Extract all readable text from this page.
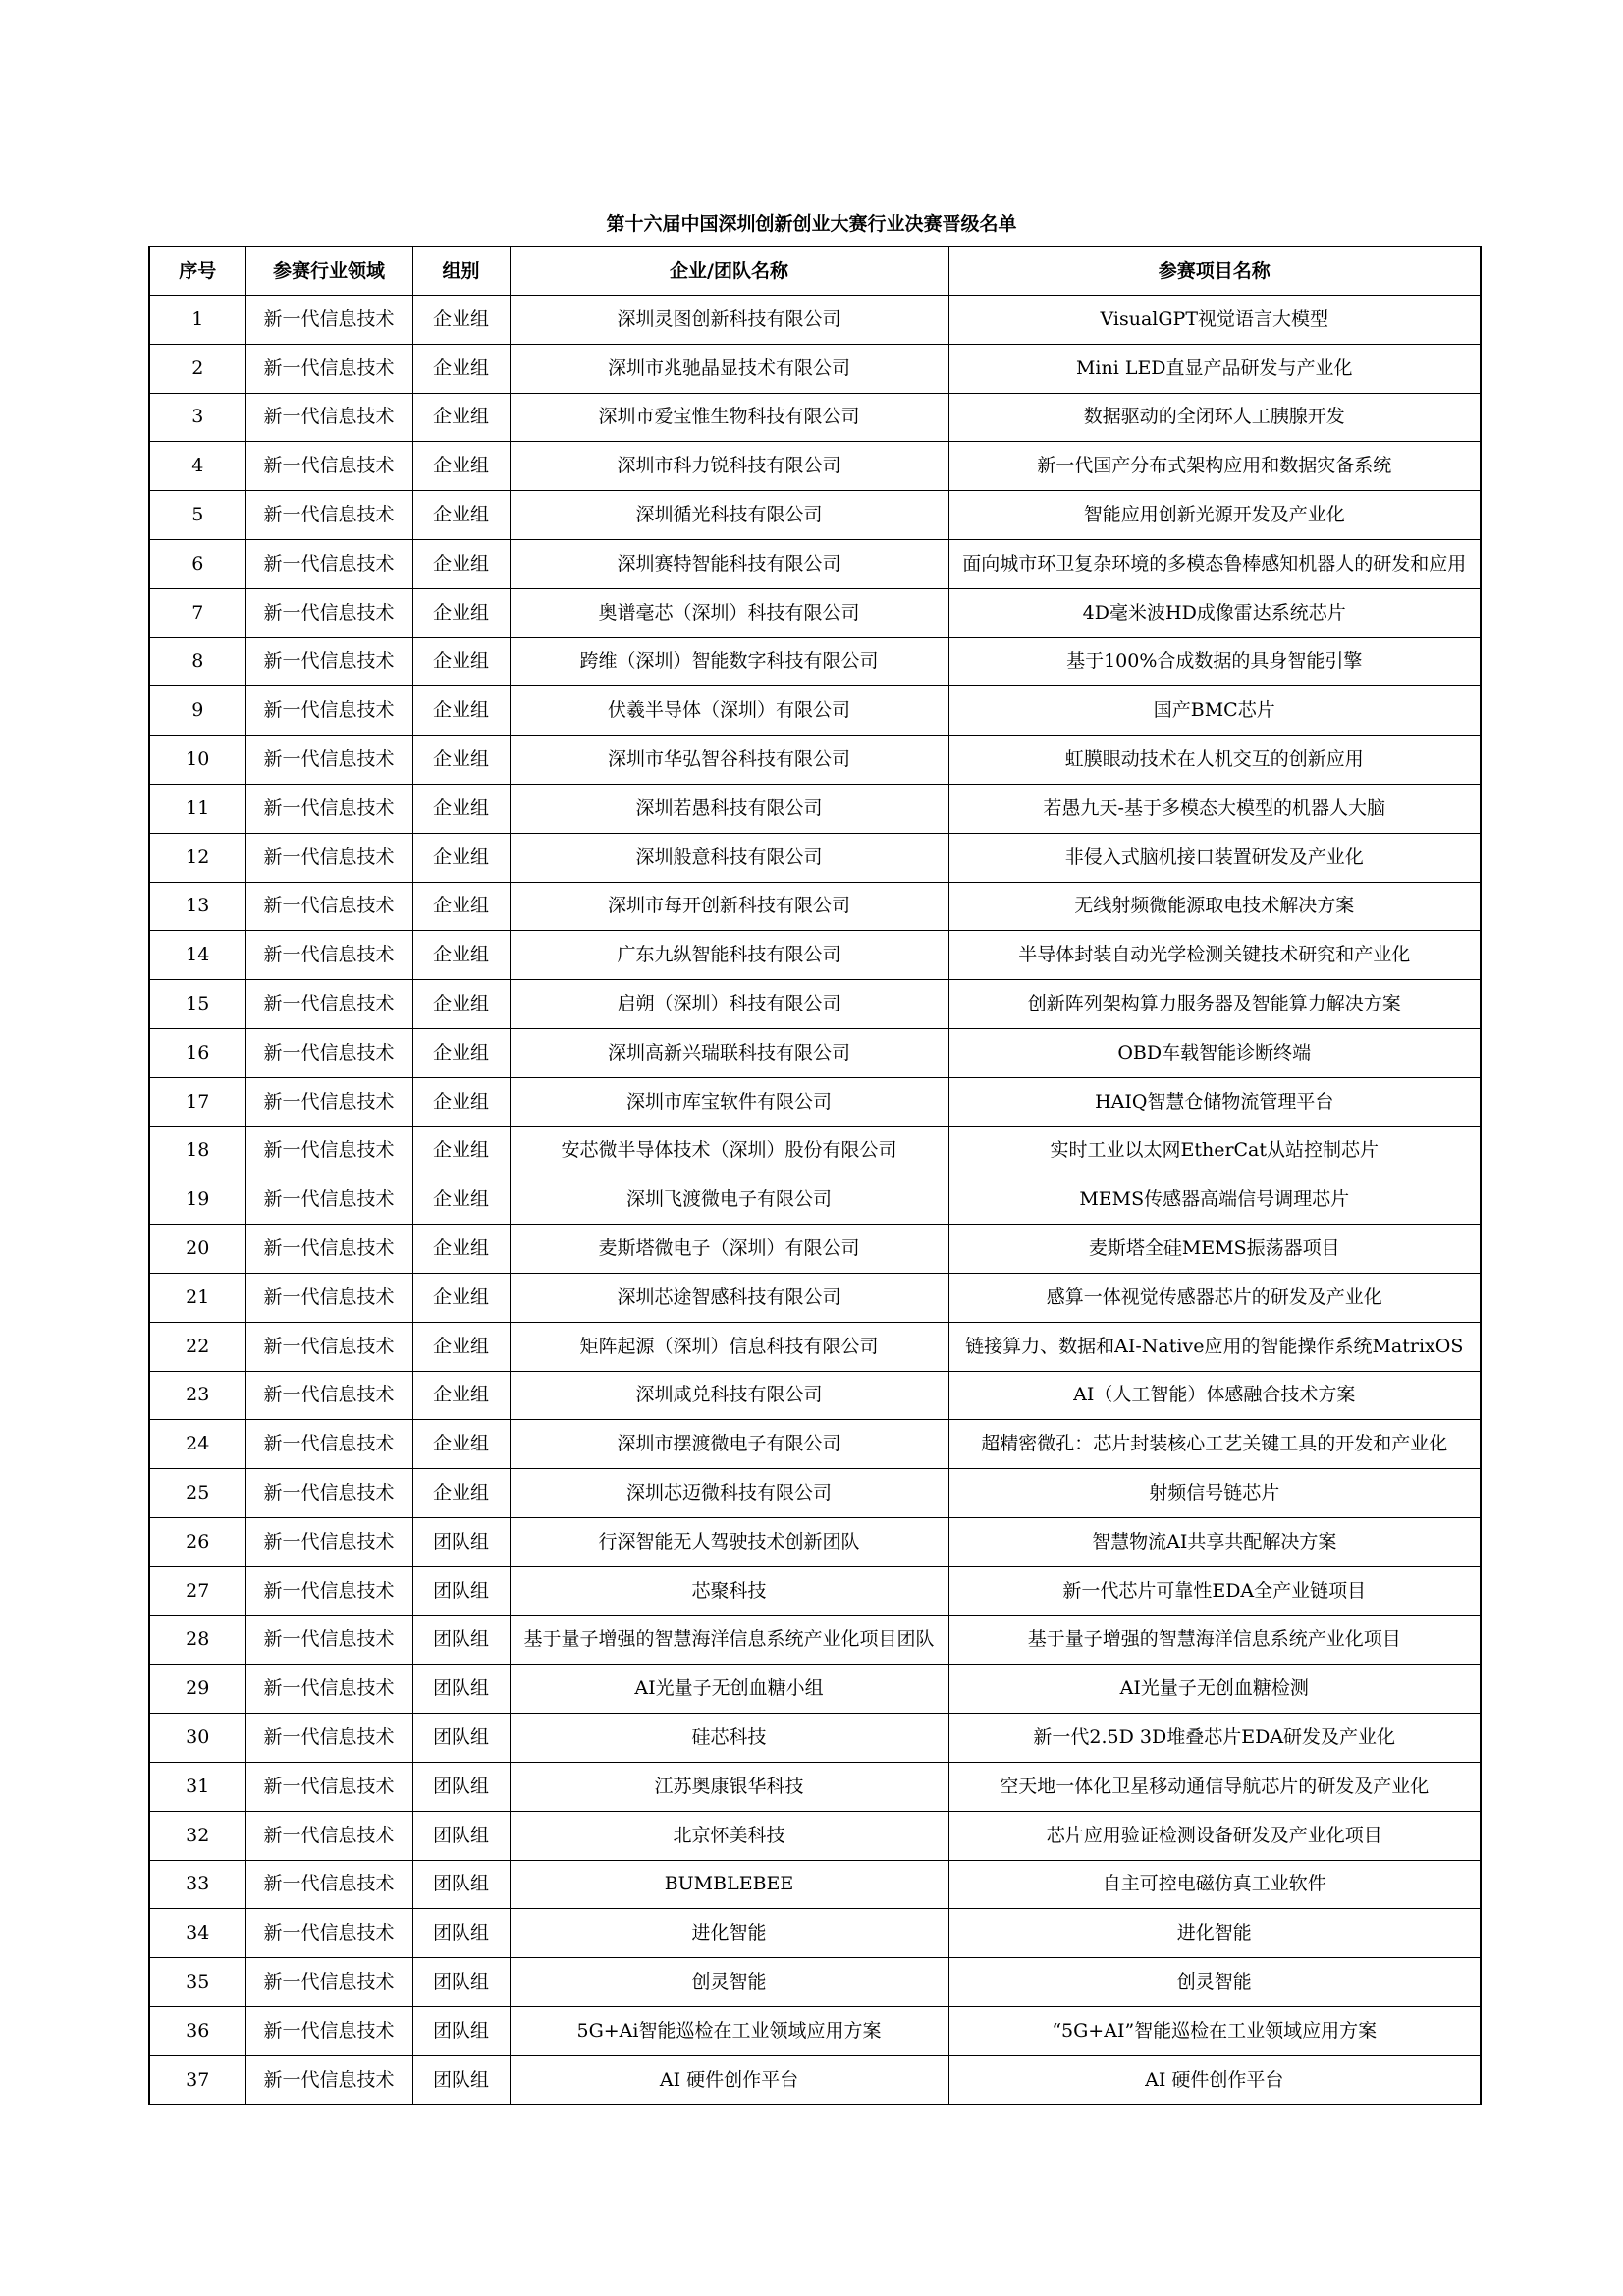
第十六届中国深圳创新创业大赛行业决赛晋级名单
序号	参赛行业领域	组别	企业/团队名称	参赛项目名称
1	新一代信息技术	企业组	深圳灵图创新科技有限公司	VisualGPT视觉语言大模型
2	新一代信息技术	企业组	深圳市兆驰晶显技术有限公司	Mini LED直显产品研发与产业化
3	新一代信息技术	企业组	深圳市爱宝惟生物科技有限公司	数据驱动的全闭环人工胰腺开发
4	新一代信息技术	企业组	深圳市科力锐科技有限公司	新一代国产分布式架构应用和数据灾备系统
5	新一代信息技术	企业组	深圳循光科技有限公司	智能应用创新光源开发及产业化
6	新一代信息技术	企业组	深圳赛特智能科技有限公司	面向城市环卫复杂环境的多模态鲁棒感知机器人的研发和应用
7	新一代信息技术	企业组	奥谱毫芯（深圳）科技有限公司	4D毫米波HD成像雷达系统芯片
8	新一代信息技术	企业组	跨维（深圳）智能数字科技有限公司	基于100%合成数据的具身智能引擎
9	新一代信息技术	企业组	伏羲半导体（深圳）有限公司	国产BMC芯片
10	新一代信息技术	企业组	深圳市华弘智谷科技有限公司	虹膜眼动技术在人机交互的创新应用
11	新一代信息技术	企业组	深圳若愚科技有限公司	若愚九天-基于多模态大模型的机器人大脑
12	新一代信息技术	企业组	深圳般意科技有限公司	非侵入式脑机接口装置研发及产业化
13	新一代信息技术	企业组	深圳市每开创新科技有限公司	无线射频微能源取电技术解决方案
14	新一代信息技术	企业组	广东九纵智能科技有限公司	半导体封装自动光学检测关键技术研究和产业化
15	新一代信息技术	企业组	启朔（深圳）科技有限公司	创新阵列架构算力服务器及智能算力解决方案
16	新一代信息技术	企业组	深圳高新兴瑞联科技有限公司	OBD车载智能诊断终端
17	新一代信息技术	企业组	深圳市库宝软件有限公司	HAIQ智慧仓储物流管理平台
18	新一代信息技术	企业组	安芯微半导体技术（深圳）股份有限公司	实时工业以太网EtherCat从站控制芯片
19	新一代信息技术	企业组	深圳飞渡微电子有限公司	MEMS传感器高端信号调理芯片
20	新一代信息技术	企业组	麦斯塔微电子（深圳）有限公司	麦斯塔全硅MEMS振荡器项目
21	新一代信息技术	企业组	深圳芯途智感科技有限公司	感算一体视觉传感器芯片的研发及产业化
22	新一代信息技术	企业组	矩阵起源（深圳）信息科技有限公司	链接算力、数据和AI-Native应用的智能操作系统MatrixOS
23	新一代信息技术	企业组	深圳咸兑科技有限公司	AI（人工智能）体感融合技术方案
24	新一代信息技术	企业组	深圳市摆渡微电子有限公司	超精密微孔：芯片封装核心工艺关键工具的开发和产业化
25	新一代信息技术	企业组	深圳芯迈微科技有限公司	射频信号链芯片
26	新一代信息技术	团队组	行深智能无人驾驶技术创新团队	智慧物流AI共享共配解决方案
27	新一代信息技术	团队组	芯聚科技	新一代芯片可靠性EDA全产业链项目
28	新一代信息技术	团队组	基于量子增强的智慧海洋信息系统产业化项目团队	基于量子增强的智慧海洋信息系统产业化项目
29	新一代信息技术	团队组	AI光量子无创血糖小组	AI光量子无创血糖检测
30	新一代信息技术	团队组	硅芯科技	新一代2.5D 3D堆叠芯片EDA研发及产业化
31	新一代信息技术	团队组	江苏奥康银华科技	空天地一体化卫星移动通信导航芯片的研发及产业化
32	新一代信息技术	团队组	北京怀美科技	芯片应用验证检测设备研发及产业化项目
33	新一代信息技术	团队组	BUMBLEBEE	自主可控电磁仿真工业软件
34	新一代信息技术	团队组	进化智能	进化智能
35	新一代信息技术	团队组	创灵智能	创灵智能
36	新一代信息技术	团队组	5G+Ai智能巡检在工业领域应用方案	“5G+AI”智能巡检在工业领域应用方案
37	新一代信息技术	团队组	AI 硬件创作平台	AI 硬件创作平台
